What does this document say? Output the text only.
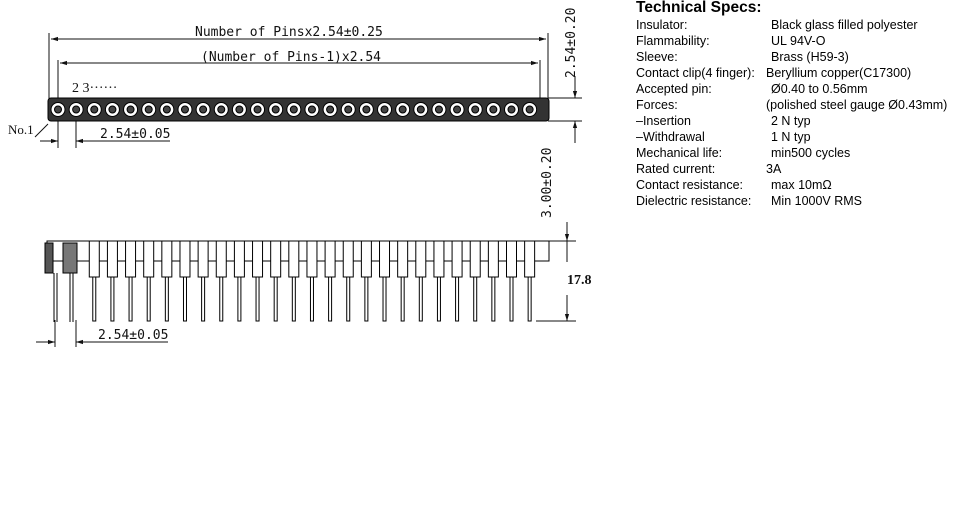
Number of Pinsx2.54±0.25
(Number of Pins-1)x2.54
2 3······
No.1	2.54±0.05
2.54±0.20
3.00±0.20
17.8
2.54±0.05
Technical Specs:
Insulator:	Black glass filled polyester
Flammability:	UL 94V-O
Sleeve:	Brass (H59-3)
Contact clip(4 finger): Beryllium copper(C17300)
Accepted pin:	Ø0.40 to 0.56mm
Forces:	(polished steel gauge Ø0.43mm)
–Insertion	2 N typ
–Withdrawal	1 N typ
Mechanical life:	min500 cycles
Rated current:	3A
Contact resistance: max 10mΩ
Dielectric resistance: Min 1000V RMS
